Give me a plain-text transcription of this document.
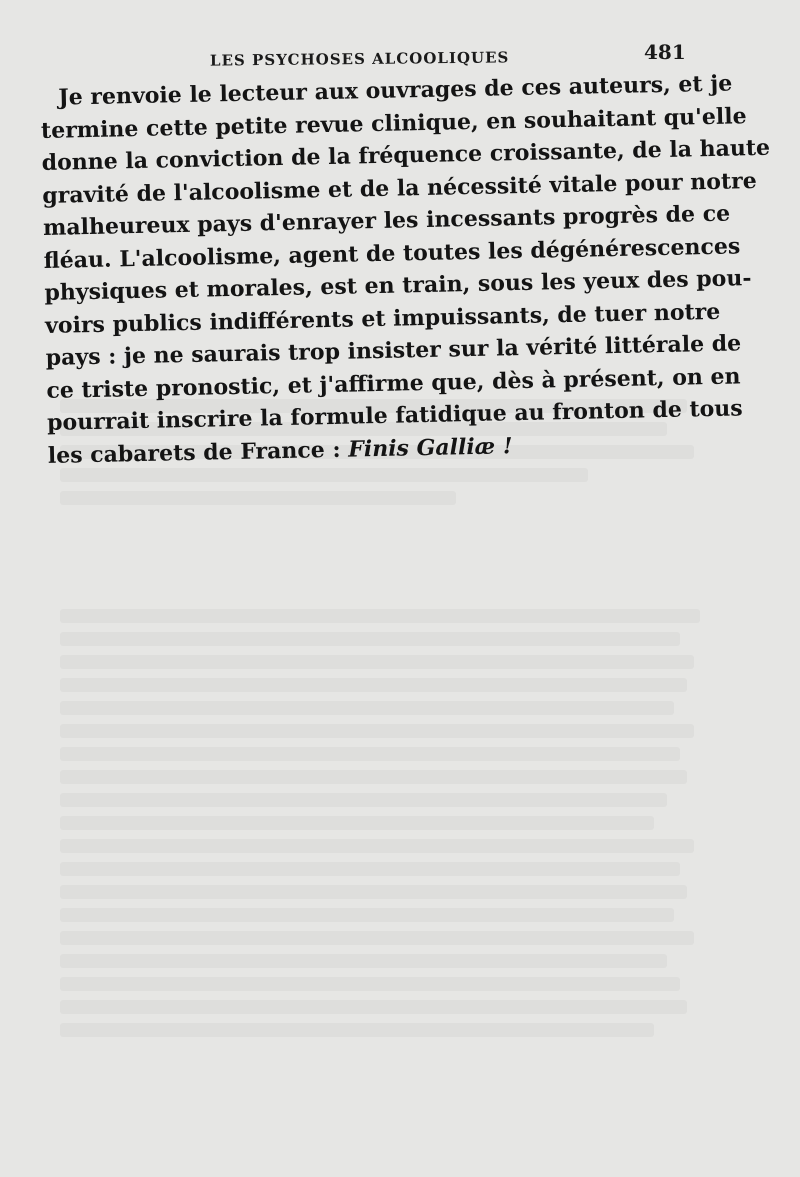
LES PSYCHOSES ALCOOLIQUES	481
Je renvoie le lecteur aux ouvrages de ces auteurs, et je
termine cette petite revue clinique, en souhaitant qu'elle
donne la conviction de la fréquence croissante, de la haute
gravité de l'alcoolisme et de la nécessité vitale pour notre
malheureux pays d'enrayer les incessants progrès de ce
fléau. L'alcoolisme, agent de toutes les dégénérescences
physiques et morales, est en train, sous les yeux des pou-
voirs publics indifférents et impuissants, de tuer notre
pays : je ne saurais trop insister sur la vérité littérale de
ce triste pronostic, et j'affirme que, dès à présent, on en
pourrait inscrire la formule fatidique au fronton de tous
les cabarets de France : Finis Galliæ !
